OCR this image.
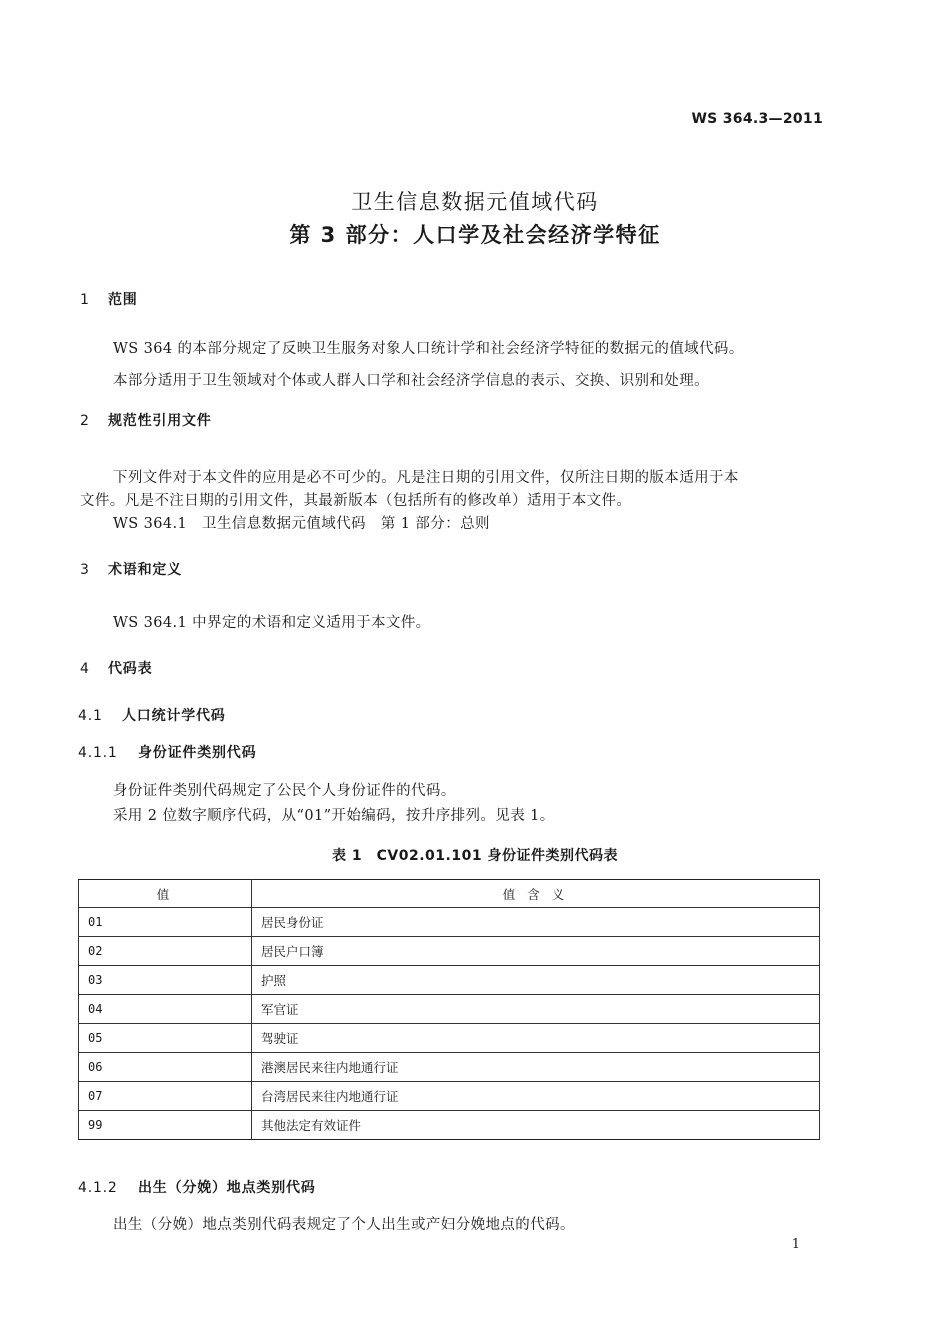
WS 364.3—2011
卫生信息数据元值域代码
第 3 部分：人口学及社会经济学特征
1 范围
WS 364 的本部分规定了反映卫生服务对象人口统计学和社会经济学特征的数据元的值域代码。
本部分适用于卫生领域对个体或人群人口学和社会经济学信息的表示、交换、识别和处理。
2 规范性引用文件
下列文件对于本文件的应用是必不可少的。凡是注日期的引用文件，仅所注日期的版本适用于本
文件。凡是不注日期的引用文件，其最新版本（包括所有的修改单）适用于本文件。
WS 364.1　卫生信息数据元值域代码　第 1 部分：总则
3 术语和定义
WS 364.1 中界定的术语和定义适用于本文件。
4 代码表
4.1 人口统计学代码
4.1.1 身份证件类别代码
身份证件类别代码规定了公民个人身份证件的代码。
采用 2 位数字顺序代码，从“01”开始编码，按升序排列。见表 1。
表 1　CV02.01.101 身份证件类别代码表
值	值 含 义
01	居民身份证
02	居民户口簿
03	护照
04	军官证
05	驾驶证
06	港澳居民来往内地通行证
07	台湾居民来往内地通行证
99	其他法定有效证件
4.1.2 出生（分娩）地点类别代码
出生（分娩）地点类别代码表规定了个人出生或产妇分娩地点的代码。
1
